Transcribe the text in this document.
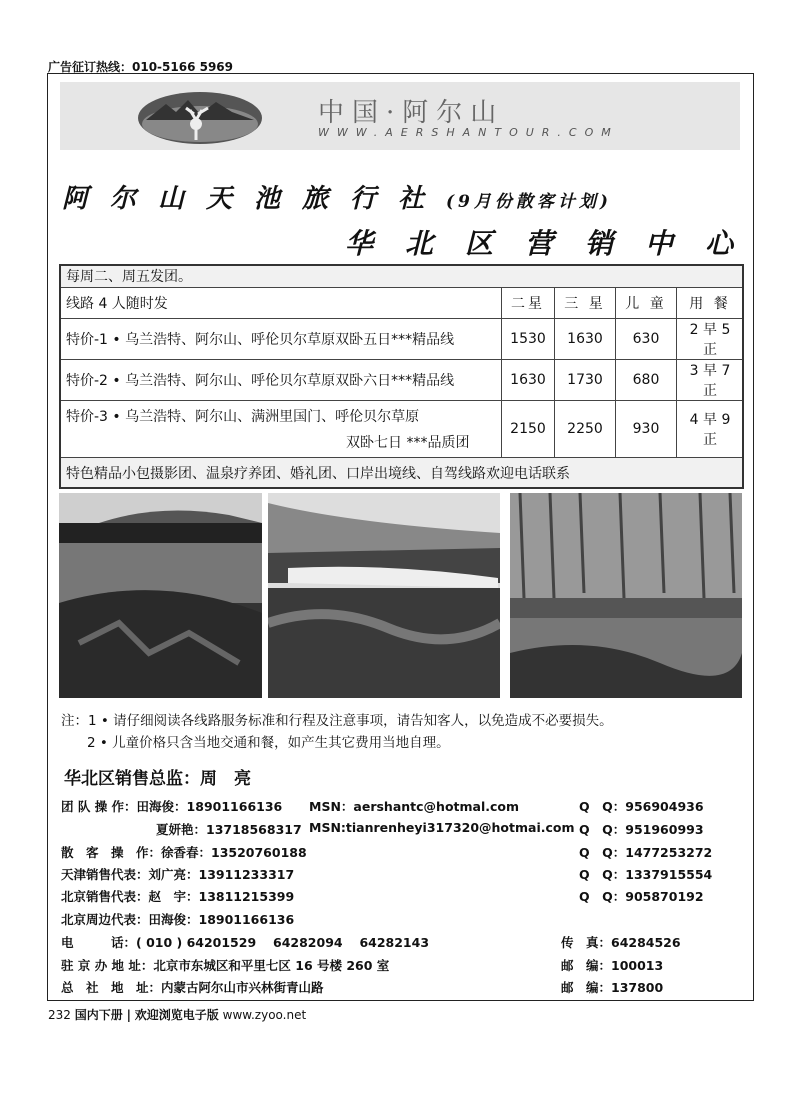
广告征订热线：010-5166 5969
中国·阿尔山
WWW.AERSHANTOUR.COM
阿尔山天池旅行社(9月份散客计划)
华北区营销中心
每周二、周五发团。				
线路 4 人随时发	二星	三 星	儿 童	用 餐
特价-1 • 乌兰浩特、阿尔山、呼伦贝尔草原双卧五日***精品线	1530	1630	630	2 早 5 正
特价-2 • 乌兰浩特、阿尔山、呼伦贝尔草原双卧六日***精品线	1630	1730	680	3 早 7 正

特价-3 • 乌兰浩特、阿尔山、满洲里国门、呼伦贝尔草原
双卧七日 ***品质团	2150	2250	930	4 早 9 正
特色精品小包摄影团、温泉疗养团、婚礼团、口岸出境线、自驾线路欢迎电话联系				
注：1 • 请仔细阅读各线路服务标准和行程及注意事项，请告知客人，以免造成不必要损失。
2 • 儿童价格只含当地交通和餐，如产生其它费用当地自理。
华北区销售总监：周　亮
团 队 操 作：田海俊：18901166136 MSN：aershantc@hotmal.com	Q　Q：956904936
夏妍艳：13718568317 MSN:tianrenheyi317320@hotmai.com Q　Q：951960993
散　客　操　作：徐香春：13520760188	Q　Q：1477253272
天津销售代表：刘广亮：13911233317	Q　Q：1337915554
北京销售代表：赵　宇：13811215399	Q　Q：905870192
北京周边代表：田海俊：18901166136
电　　　话：( 010 ) 64201529　 64282094　 64282143	传　真：64284526
驻 京 办 地 址：北京市东城区和平里七区 16 号楼 260 室	邮　编：100013
总　社　地　址：内蒙古阿尔山市兴林街青山路	邮　编：137800
232 国内下册 | 欢迎浏览电子版 www.zyoo.net
